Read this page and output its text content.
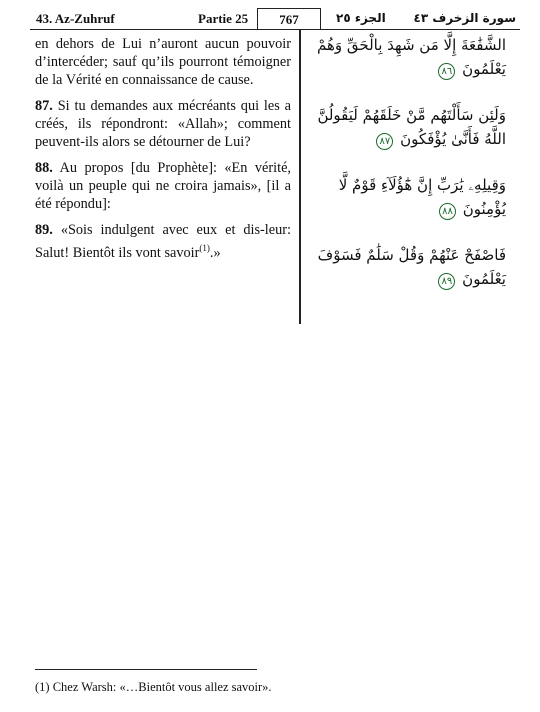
43. Az-Zuhruf	Partie 25	767	الجزء ٢٥ سورة الزخرف ٤٣

en dehors de Lui n’auront aucun pouvoir d’intercéder; sauf qu’ils pourront témoigner de la Vérité en connaissance de cause.

87. Si tu demandes aux mécréants qui les a créés, ils répondront: «Allah»; comment peuvent-ils alors se détourner de Lui?

88. Au propos [du Prophète]: «En vérité, voilà un peuple qui ne croira jamais», [il a été répondu]:

89. «Sois indulgent avec eux et dis-leur: Salut! Bientôt ils vont savoir$^{(1)}$.»

الشَّفَٰعَةَ إِلَّا مَن شَهِدَ بِالْحَقِّ وَهُمْ يَعْلَمُونَ ٨٦
وَلَئِن سَأَلْتَهُم مَّنْ خَلَقَهُمْ لَيَقُولُنَّ اللَّهُ فَأَنَّىٰ يُؤْفَكُونَ ٨٧
وَقِيلِهِۦ يَٰرَبِّ إِنَّ هَٰٓؤُلَآءِ قَوْمٌ لَّا يُؤْمِنُونَ ٨٨
فَاصْفَحْ عَنْهُمْ وَقُلْ سَلَٰمٌ فَسَوْفَ يَعْلَمُونَ ٨٩
(1) Chez Warsh: «…Bientôt vous allez savoir».
